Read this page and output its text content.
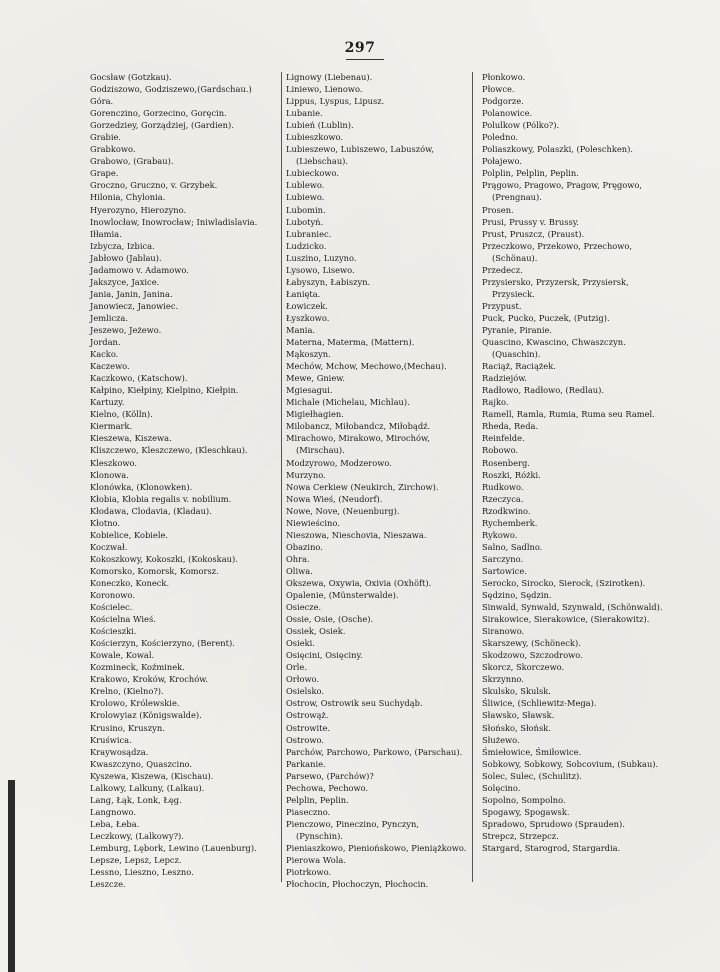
297
Gocsław (Gotzkau).
Godziszowo, Godziszewo,(Gardschau.)
Góra.
Gorenczino, Gorzecino, Goręcin.
Gorzedziey, Gorządziej, (Gardien).
Grabie.
Grabkowo.
Grabowo, (Grabau).
Grape.
Groczno, Gruczno, v. Grzybek.
Hilonia, Chylonia.
Hyerozyno, Hierozyno.
Inowlocław, Inowrocław; Iniwladislavia.
Iłłamia.
Izbycza, Izbica.
Jabłowo (Jablau).
Jadamowo v. Adamowo.
Jakszyce, Jaxice.
Jania, Janin, Janina.
Janowiecz, Janowiec.
Jemlicza.
Jeszewo, Jeżewo.
Jordan.
Kacko.
Kaczewo.
Kaczkowo, (Katschow).
Kałpino, Kiełpiny, Kielpino, Kiełpin.
Kartuzy.
Kielno, (Kölln).
Kiermark.
Kieszewa, Kiszewa.
Kliszczewo, Kleszczewo, (Kleschkau).
Kleszkowo.
Klonowa.
Klonówka, (Klonowken).
Kłobia, Kłobia regalis v. nobilium.
Kłodawa, Clodavia, (Kladau).
Kłotno.
Kobielice, Kobiele.
Koczwał.
Kokoszkowy, Kokoszki, (Kokoskau).
Komorsko, Komorsk, Komorsz.
Koneczko, Koneck.
Koronowo.
Kościelec.
Kościelna Wieś.
Kościeszki.
Kościerzyn, Kościerzyno, (Berent).
Kowale, Kowal.
Kozmineck, Koźminek.
Krakowo, Kroków, Krochów.
Krelno, (Kielno?).
Krolowo, Królewskie.
Krolowyiaz (Königswalde).
Krusino, Kruszyn.
Kruświca.
Kraywosądza.
Kwaszczyno, Quaszcino.
Kyszewa, Kiszewa, (Kischau).
Lalkowy, Lalkuny, (Lalkau).
Lang, Łąk, Lonk, Łęg.
Langnowo.
Leba, Łeba.
Leczkowy, (Lalkowy?).
Lemburg, Lębork, Lewino (Lauenburg).
Lepsze, Lepsz, Lepcz.
Lessno, Lieszno, Leszno.
Leszcze.
Lignowy (Liebenau).
Liniewo, Lienowo.
Lippus, Lyspus, Lipusz.
Lubanie.
Lubień (Lublin).
Lubieszkowo.
Lubieszewo, Lubiszewo, Labuszów, (Liebschau).
Lubieckowo.
Lublewo.
Lubiewo.
Lubomin.
Lubotyń.
Lubraniec.
Ludzicko.
Luszino, Luzyno.
Lysowo, Lisewo.
Łabyszyn, Łabiszyn.
Łanięta.
Łowiczek.
Łyszkowo.
Mania.
Materna, Materma, (Mattern).
Mąkoszyn.
Mechów, Mchow, Mechowo,(Mechau).
Mewe, Gniew.
Mgiesagui.
Michale (Michelau, Michlau).
Migiełhagien.
Milobancz, Miłobandcz, Miłobądź.
Mirachowo, Mirakowo, Mirochów, (Mirschau).
Modzyrowo, Modzerowo.
Murzyno.
Nowa Cerkiew (Neukirch, Zirchow).
Nowa Wieś, (Neudorf).
Nowe, Nove, (Neuenburg).
Niewieścino.
Nieszowa, Nieschovia, Nieszawa.
Obazino.
Ohra.
Oliwa.
Okszewa, Oxywia, Oxivia (Oxhöft).
Opalenie, (Münsterwalde).
Osiecze.
Ossie, Osie, (Osche).
Ossiek, Osiek.
Osieki.
Osięcini, Osięciny.
Orle.
Orłowo.
Osielsko.
Ostrow, Ostrowik seu Suchydąb.
Ostrowąż.
Ostrowite.
Ostrowo.
Parchów, Parchowo, Parkowo, (Parschau).
Parkanie.
Parsewo, (Parchów)?
Pechowa, Pechowo.
Pelplin, Peplin.
Piaseczno.
Pienczowo, Pineczino, Pynczyn, (Pynschin).
Pieniaszkowo, Pieniońskowo, Pieniążkowo.
Pierowa Wola.
Piotrkowo.
Płochocin, Płochoczyn, Płochocin.
Płonkowo.
Płowce.
Podgorze.
Polanowice.
Polulkow (Pólko?).
Poledno.
Poliaszkowy, Polaszki, (Poleschken).
Połajewo.
Polplin, Pelplin, Peplin.
Prągowo, Pragowo, Pragow, Pręgowo, (Prengnau).
Prosen.
Prusi, Prussy v. Brussy.
Prust, Pruszcz, (Praust).
Przeczkowo, Przekowo, Przechowo, (Schönau).
Przedecz.
Przysiersko, Przyzersk, Przysiersk, Przysieck.
Przypust.
Puck, Pucko, Puczek, (Putzig).
Pyranie, Piranie.
Quascino, Kwascino, Chwaszczyn. (Quaschin).
Raciąż, Raciążek.
Radziejów.
Radłowo, Radłowo, (Redlau).
Rajko.
Ramell, Ramla, Rumia, Ruma seu Ramel.
Rheda, Reda.
Reinfelde.
Robowo.
Rosenberg.
Roszki, Różki.
Rudkowo.
Rzeczyca.
Rzodkwino.
Rychemberk.
Rykowo.
Salno, Sadlno.
Sarczyno.
Sartowice.
Serocko, Sirocko, Sierock, (Szirotken).
Sędzino, Sędzin.
Sinwald, Synwald, Szynwald, (Schönwald).
Sirakowice, Sierakowice, (Sierakowitz).
Siranowo.
Skarszewy, (Schöneck).
Skodzowo, Szczodrowo.
Skorcz, Skorczewo.
Skrzynno.
Skulsko, Skulsk.
Śliwice, (Schliewitz-Mega).
Sławsko, Sławsk.
Słońsko, Słońsk.
Służewo.
Śmiełowice, Śmiłowice.
Sobkowy, Sobkowy, Sobcovium, (Subkau).
Solec, Sulec, (Schulitz).
Solęcino.
Sopolno, Sompolno.
Spogawy, Spogawsk.
Spradowo, Sprudowo (Sprauden).
Strepcz, Strzepcz.
Stargard, Starogrod, Stargardia.
